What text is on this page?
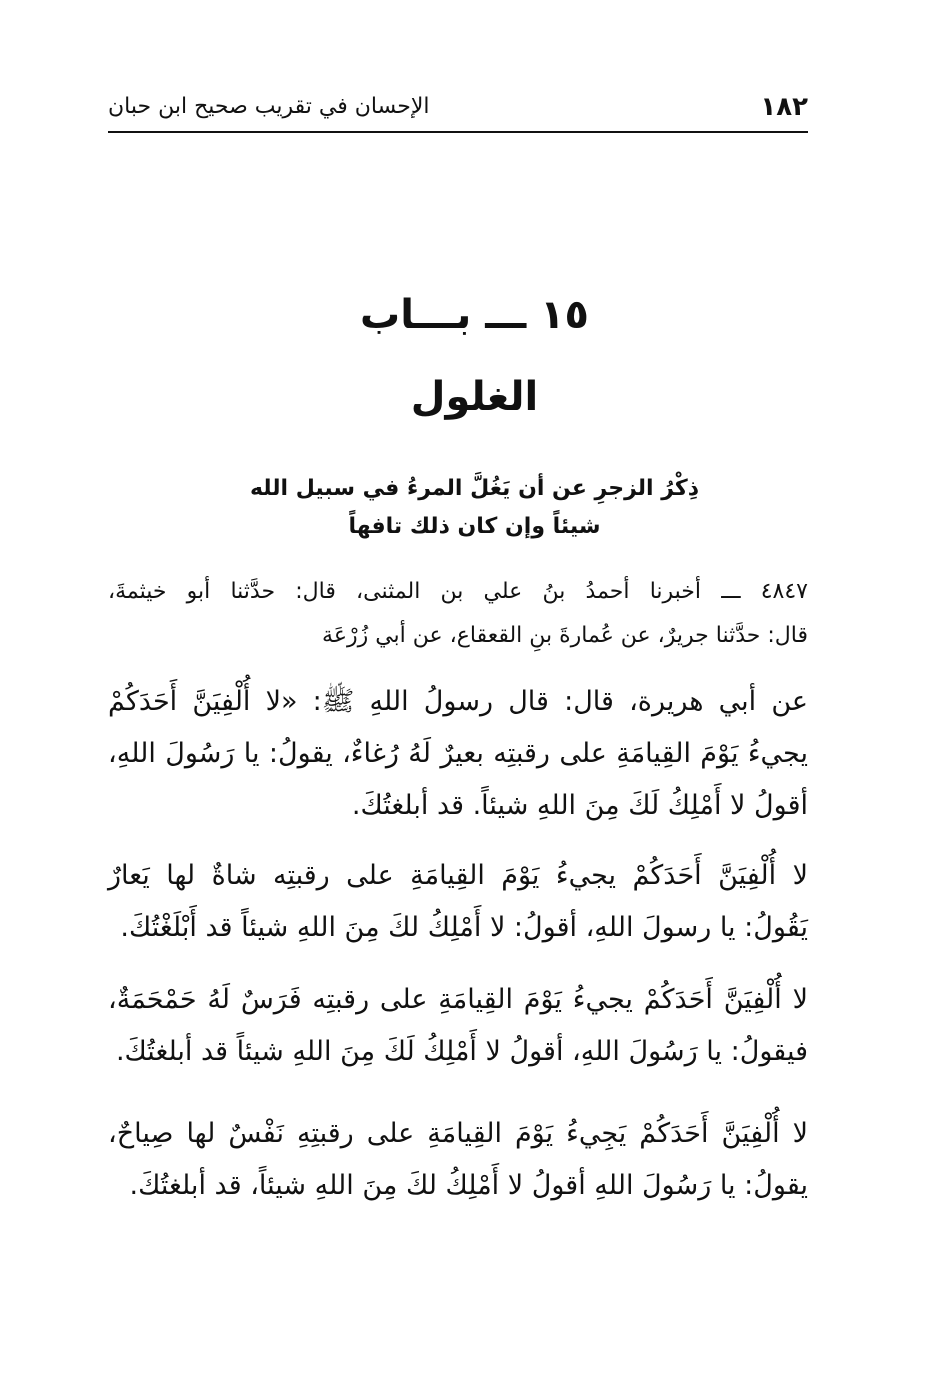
١٨٢
الإحسان في تقريب صحيح ابن حبان
١٥ ـــ بـــاب
الغلول
ذِكْرُ الزجرِ عن أن يَغُلَّ المرءُ في سبيل الله
شيئاً وإن كان ذلك تافهاً
٤٨٤٧ ـــ أخبرنا أحمدُ بنُ علي بن المثنى، قال: حدَّثنا أبو خيثمةَ،
قال: حدَّثنا جريرٌ، عن عُمارةَ بنِ القعقاع، عن أبي زُرْعَة
عن أبي هريرة، قال: قال رسولُ اللهِ ﷺ: «لا أُلْفِيَنَّ أَحَدَكُمْ
يجيءُ يَوْمَ القِيامَةِ على رقبتِه بعيرٌ لَهُ رُغاءٌ، يقولُ: يا رَسُولَ اللهِ،
أقولُ لا أَمْلِكُ لَكَ مِنَ اللهِ شيئاً. قد أبلغتُكَ.
لا أُلْفِيَنَّ أَحَدَكُمْ يجيءُ يَوْمَ القِيامَةِ على رقبتِه شاةٌ لها يَعارٌ
يَقُولُ: يا رسولَ اللهِ، أقولُ: لا أَمْلِكُ لكَ مِنَ اللهِ شيئاً قد أَبْلَغْتُكَ.
لا أُلْفِيَنَّ أَحَدَكُمْ يجيءُ يَوْمَ القِيامَةِ على رقبتِه فَرَسٌ لَهُ حَمْحَمَةٌ،
فيقولُ: يا رَسُولَ اللهِ، أقولُ لا أَمْلِكُ لَكَ مِنَ اللهِ شيئاً قد أبلغتُكَ.
لا أُلْفِيَنَّ أَحَدَكُمْ يَجِيءُ يَوْمَ القِيامَةِ على رقبتِهِ نَفْسٌ لها صِياحٌ،
يقولُ: يا رَسُولَ اللهِ أقولُ لا أَمْلِكُ لكَ مِنَ اللهِ شيئاً، قد أبلغتُكَ.
